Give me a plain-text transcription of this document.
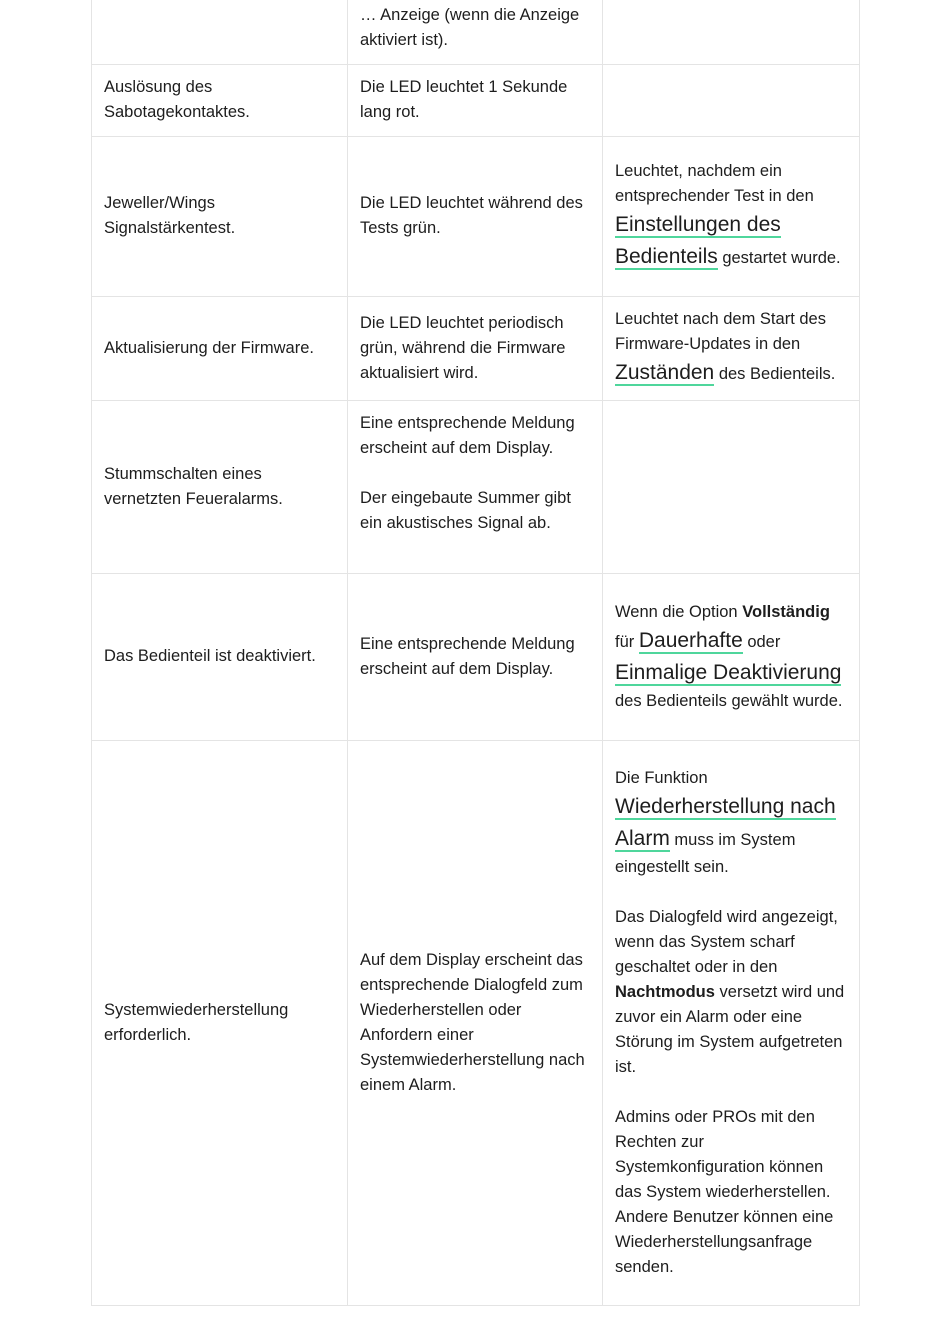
	… Anzeige (wenn die Anzeige aktiviert ist).	

Auslösung des Sabotagekontaktes.	Die LED leuchtet 1 Sekunde lang rot.	

Jeweller/Wings Signalstärkentest.	Die LED leuchtet während des Tests grün.	Leuchtet, nachdem ein entsprechender Test in den Einstellungen des Bedienteils gestartet wurde.
Aktualisierung der Firmware.	Die LED leuchtet periodisch grün, während die Firmware aktualisiert wird.	Leuchtet nach dem Start des Firmware-Updates in den Zuständen des Bedienteils.
Stummschalten eines vernetzten Feueralarms.	Eine entsprechende Meldung erscheint auf dem Display.
Der eingebaute Summer gibt ein akustisches Signal ab.	

Das Bedienteil ist deaktiviert.	Eine entsprechende Meldung erscheint auf dem Display.	Wenn die Option Vollständig für Dauerhafte oder Einmalige Deaktivierung des Bedienteils gewählt wurde.
Systemwiederherstellung erforderlich.	Auf dem Display erscheint das entsprechende Dialogfeld zum Wiederherstellen oder Anfordern einer Systemwiederherstellung nach einem Alarm.	Die Funktion Wiederherstellung nach Alarm muss im System eingestellt sein.
Das Dialogfeld wird angezeigt, wenn das System scharf geschaltet oder in den Nachtmodus versetzt wird und zuvor ein Alarm oder eine Störung im System aufgetreten ist.
Admins oder PROs mit den Rechten zur Systemkonfiguration können das System wiederherstellen. Andere Benutzer können eine Wiederherstellungsanfrage senden.
